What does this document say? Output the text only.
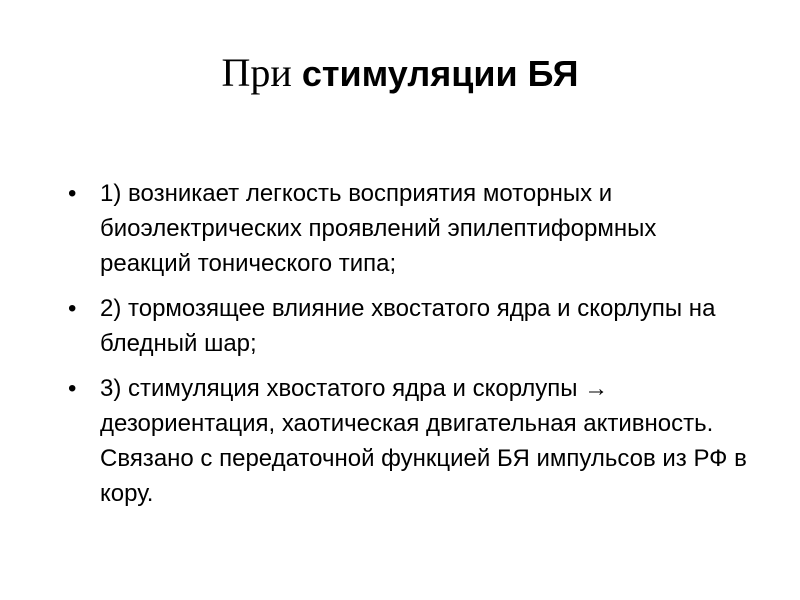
При стимуляции БЯ
• 1) возникает легкость восприятия моторных и биоэлектрических проявлений эпилептиформных реакций тонического типа;
• 2) тормозящее влияние хвостатого ядра и скорлупы на бледный шар;
• 3) стимуляция хвостатого ядра и скорлупы → дезориентация, хаотическая двигательная активность. Связано с передаточной функцией БЯ импульсов из РФ в кору.
